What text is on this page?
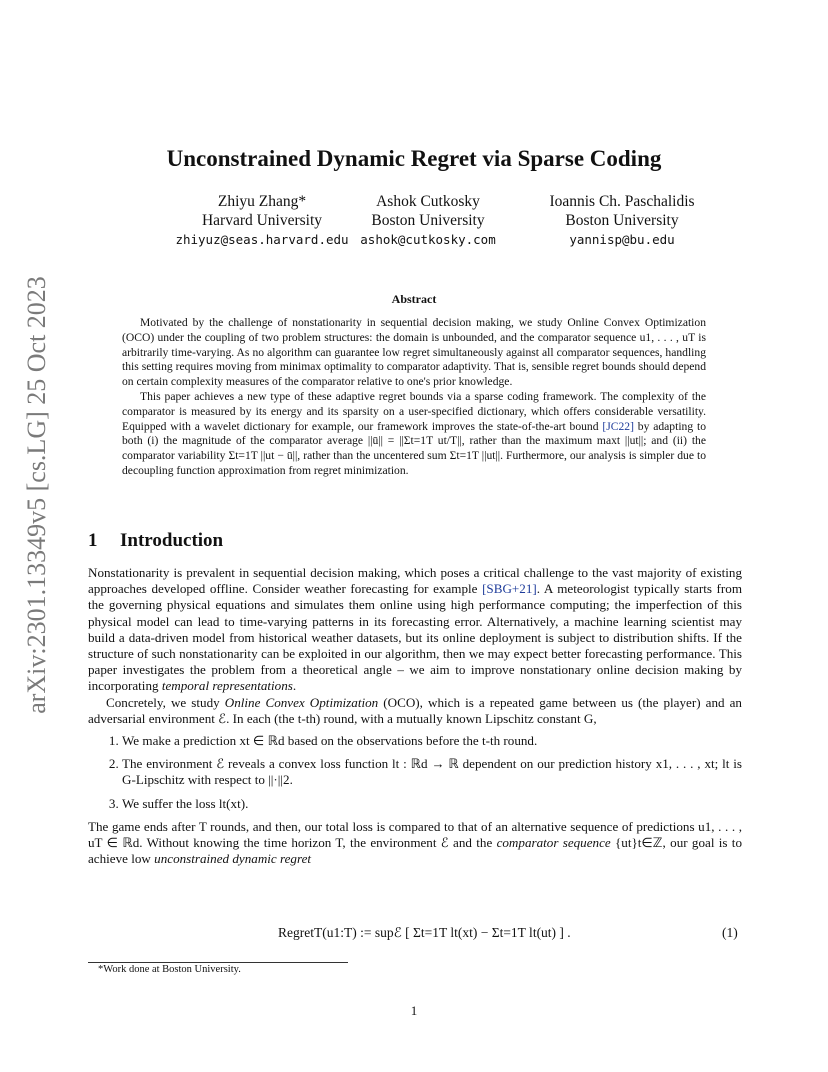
arXiv:2301.13349v5 [cs.LG] 25 Oct 2023
Unconstrained Dynamic Regret via Sparse Coding
Zhiyu Zhang*
Harvard University
zhiyuz@seas.harvard.edu
Ashok Cutkosky
Boston University
ashok@cutkosky.com
Ioannis Ch. Paschalidis
Boston University
yannisp@bu.edu
Abstract

Motivated by the challenge of nonstationarity in sequential decision making, we study Online Convex Optimization (OCO) under the coupling of two problem structures: the domain is unbounded, and the comparator sequence u1, . . . , uT is arbitrarily time-varying. As no algorithm can guarantee low regret simultaneously against all comparator sequences, handling this setting requires moving from minimax optimality to comparator adaptivity. That is, sensible regret bounds should depend on certain complexity measures of the comparator relative to one's prior knowledge.

This paper achieves a new type of these adaptive regret bounds via a sparse coding framework. The complexity of the comparator is measured by its energy and its sparsity on a user-specified dictionary, which offers considerable versatility. Equipped with a wavelet dictionary for example, our framework improves the state-of-the-art bound [JC22] by adapting to both (i) the magnitude of the comparator average ||ū|| = ||Σt=1T ut/T||, rather than the maximum maxt ||ut||; and (ii) the comparator variability Σt=1T ||ut − ū||, rather than the uncentered sum Σt=1T ||ut||. Furthermore, our analysis is simpler due to decoupling function approximation from regret minimization.

1 Introduction

Nonstationarity is prevalent in sequential decision making, which poses a critical challenge to the vast majority of existing approaches developed offline. Consider weather forecasting for example [SBG+21]. A meteorologist typically starts from the governing physical equations and simulates them online using high performance computing; the imperfection of this physical model can lead to time-varying patterns in its forecasting error. Alternatively, a machine learning scientist may build a data-driven model from historical weather datasets, but its online deployment is subject to distribution shifts. If the structure of such nonstationarity can be exploited in our algorithm, then we may expect better forecasting performance. This paper investigates the problem from a theoretical angle – we aim to improve nonstationary online decision making by incorporating temporal representations.

Concretely, we study Online Convex Optimization (OCO), which is a repeated game between us (the player) and an adversarial environment ℰ. In each (the t-th) round, with a mutually known Lipschitz constant G,

1. We make a prediction xt ∈ ℝd based on the observations before the t-th round.
2. The environment ℰ reveals a convex loss function lt : ℝd → ℝ dependent on our prediction history x1, . . . , xt; lt is G-Lipschitz with respect to ||·||2.
3. We suffer the loss lt(xt).

The game ends after T rounds, and then, our total loss is compared to that of an alternative sequence of predictions u1, . . . , uT ∈ ℝd. Without knowing the time horizon T, the environment ℰ and the comparator sequence {ut}t∈ℤ, our goal is to achieve low unconstrained dynamic regret

RegretT(u1:T) := supℰ [ Σt=1T lt(xt) − Σt=1T lt(ut) ] .	(1)
*Work done at Boston University.
1
